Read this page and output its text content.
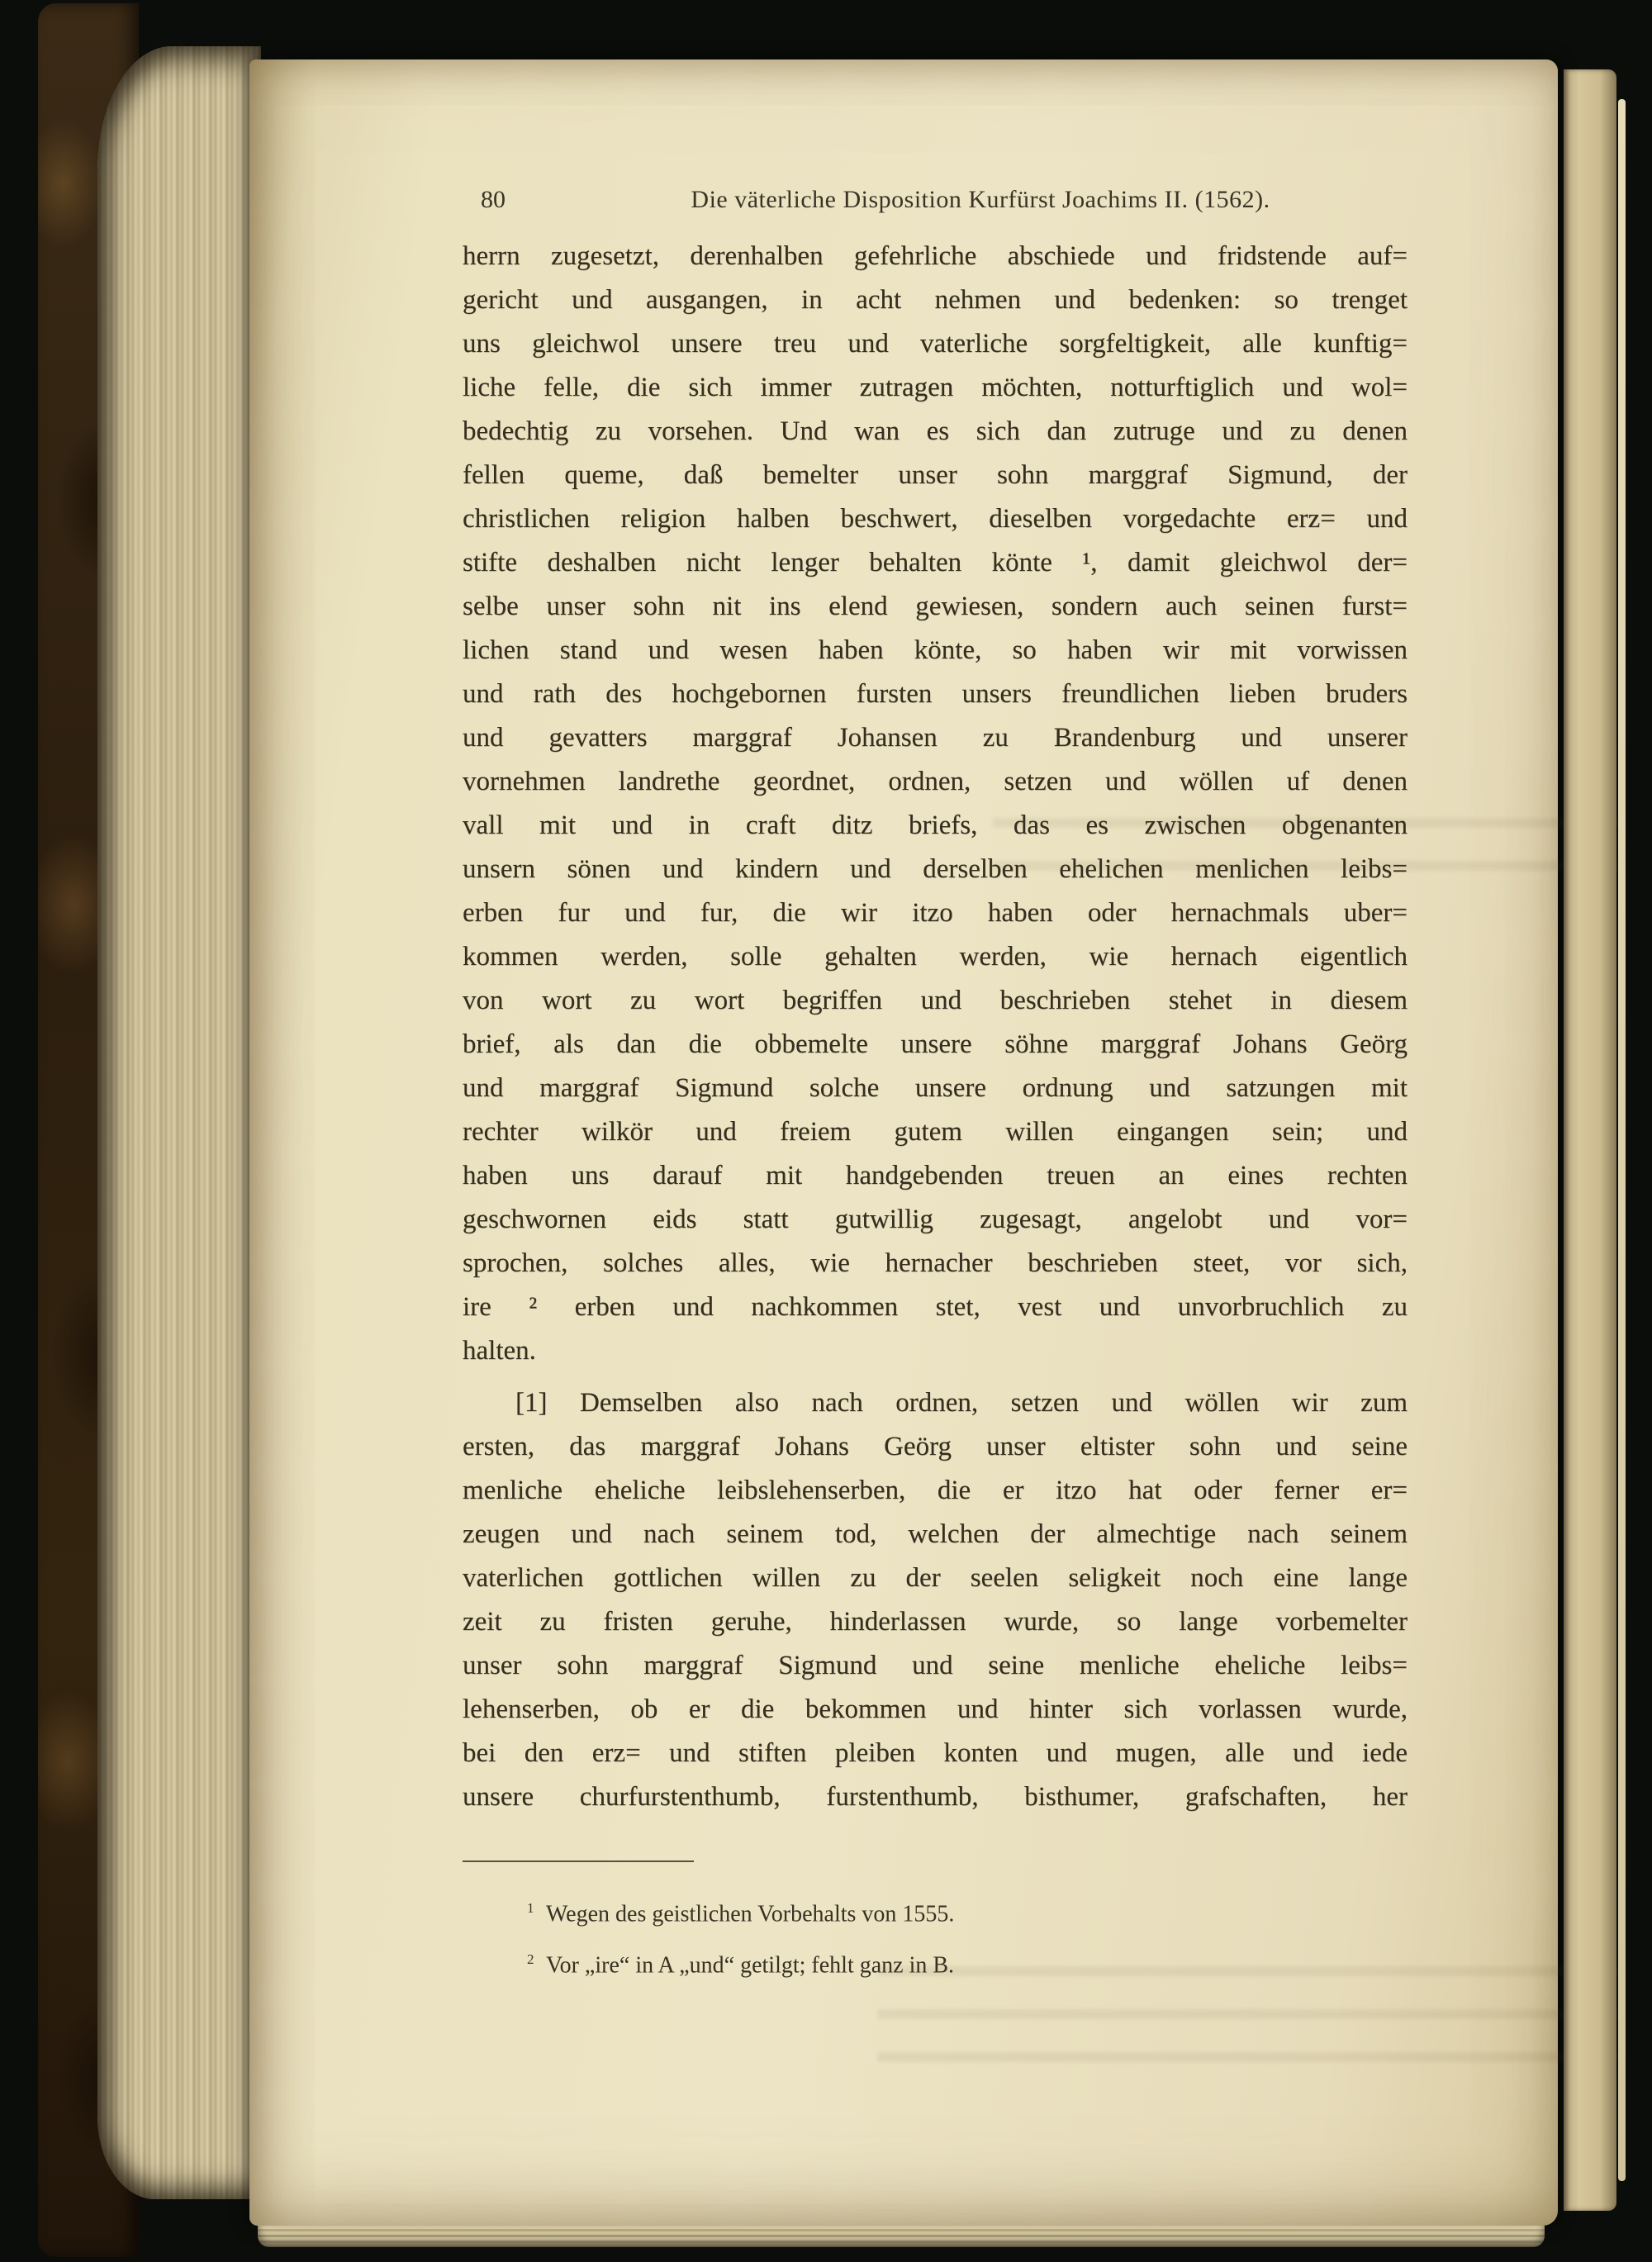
80	Die väterliche Disposition Kurfürst Joachims II. (1562).
herrn zugesetzt, derenhalben gefehrliche abschiede und fridstende auf=
gericht und ausgangen, in acht nehmen und bedenken: so trenget
uns gleichwol unsere treu und vaterliche sorgfeltigkeit, alle kunftig=
liche felle, die sich immer zutragen möchten, notturftiglich und wol=
bedechtig zu vorsehen. Und wan es sich dan zutruge und zu denen
fellen queme, daß bemelter unser sohn marggraf Sigmund, der
christlichen religion halben beschwert, dieselben vorgedachte erz= und
stifte deshalben nicht lenger behalten könte ¹, damit gleichwol der=
selbe unser sohn nit ins elend gewiesen, sondern auch seinen furst=
lichen stand und wesen haben könte, so haben wir mit vorwissen
und rath des hochgebornen fursten unsers freundlichen lieben bruders
und gevatters marggraf Johansen zu Brandenburg und unserer
vornehmen landrethe geordnet, ordnen, setzen und wöllen uf denen
vall mit und in craft ditz briefs, das es zwischen obgenanten
unsern sönen und kindern und derselben ehelichen menlichen leibs=
erben fur und fur, die wir itzo haben oder hernachmals uber=
kommen werden, solle gehalten werden, wie hernach eigentlich
von wort zu wort begriffen und beschrieben stehet in diesem
brief, als dan die obbemelte unsere söhne marggraf Johans Geörg
und marggraf Sigmund solche unsere ordnung und satzungen mit
rechter wilkör und freiem gutem willen eingangen sein; und
haben uns darauf mit handgebenden treuen an eines rechten
geschwornen eids statt gutwillig zugesagt, angelobt und vor=
sprochen, solches alles, wie hernacher beschrieben steet, vor sich,
ire ² erben und nachkommen stet, vest und unvorbruchlich zu
halten.
[1] Demselben also nach ordnen, setzen und wöllen wir zum
ersten, das marggraf Johans Geörg unser eltister sohn und seine
menliche eheliche leibslehenserben, die er itzo hat oder ferner er=
zeugen und nach seinem tod, welchen der almechtige nach seinem
vaterlichen gottlichen willen zu der seelen seligkeit noch eine lange
zeit zu fristen geruhe, hinderlassen wurde, so lange vorbemelter
unser sohn marggraf Sigmund und seine menliche eheliche leibs=
lehenserben, ob er die bekommen und hinter sich vorlassen wurde,
bei den erz= und stiften pleiben konten und mugen, alle und iede
unsere churfurstenthumb, furstenthumb, bisthumer, grafschaften, her
$^1$ Wegen des geistlichen Vorbehalts von 1555.
$^2$ Vor „ire“ in A „und“ getilgt; fehlt ganz in B.
